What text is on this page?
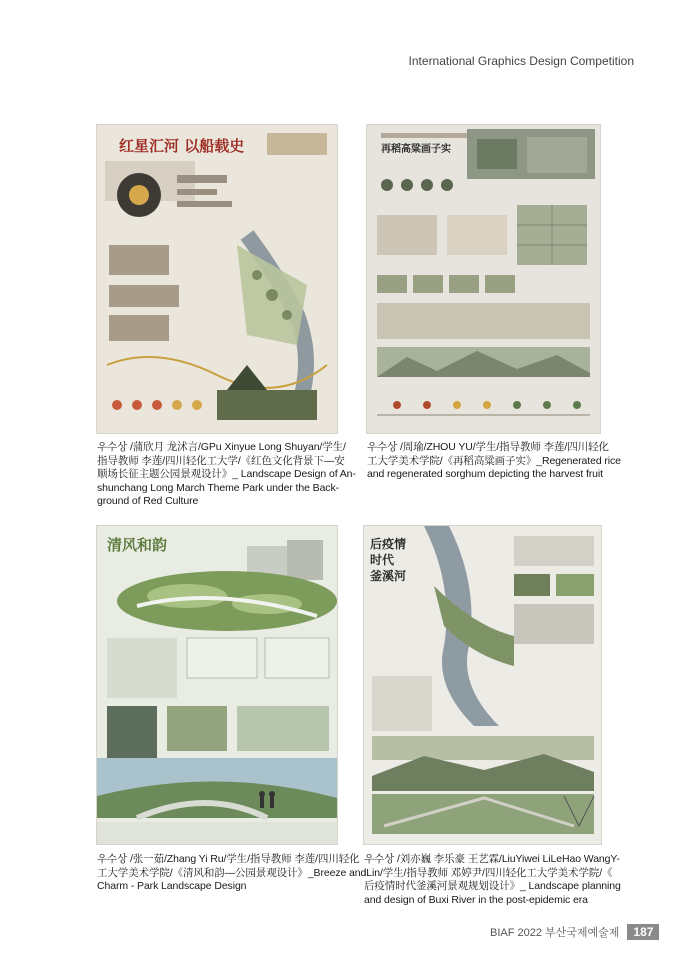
International Graphics Design Competition
红星汇河 以船载史	再稻高粱画子实
清风和韵	后疫情时代 釜溪河
우수상 /蒲欣月 龙沭言/GPu Xinyue Long Shuyan/学生/
指导教师 李莲/四川轻化工大学/《红色文化背景下—安
顺场长征主题公园景观设计》_ Landscape Design of An-
shunchang Long March Theme Park under the Back-
ground of Red Culture
우수상 /周瑜/ZHOU YU/学生/指导教师 李莲/四川轻化
工大学美术学院/《再稻高粱画子实》_Regenerated rice
and regenerated sorghum depicting the harvest fruit
우수상 /张一茹/Zhang Yi Ru/学生/指导教师 李莲/四川轻化
工大学美术学院/《清风和韵—公园景观设计》_Breeze and
Charm - Park Landscape Design
우수상 /刘亦巍 李乐豪 王艺霖/LiuYiwei LiLeHao WangY-
iLin/学生/指导教师 邓婷尹/四川轻化工大学美术学院/《
后疫情时代釜溪河景观规划设计》_ Landscape planning
and design of Buxi River in the post-epidemic era
BIAF 2022 부산국제예술제	187
